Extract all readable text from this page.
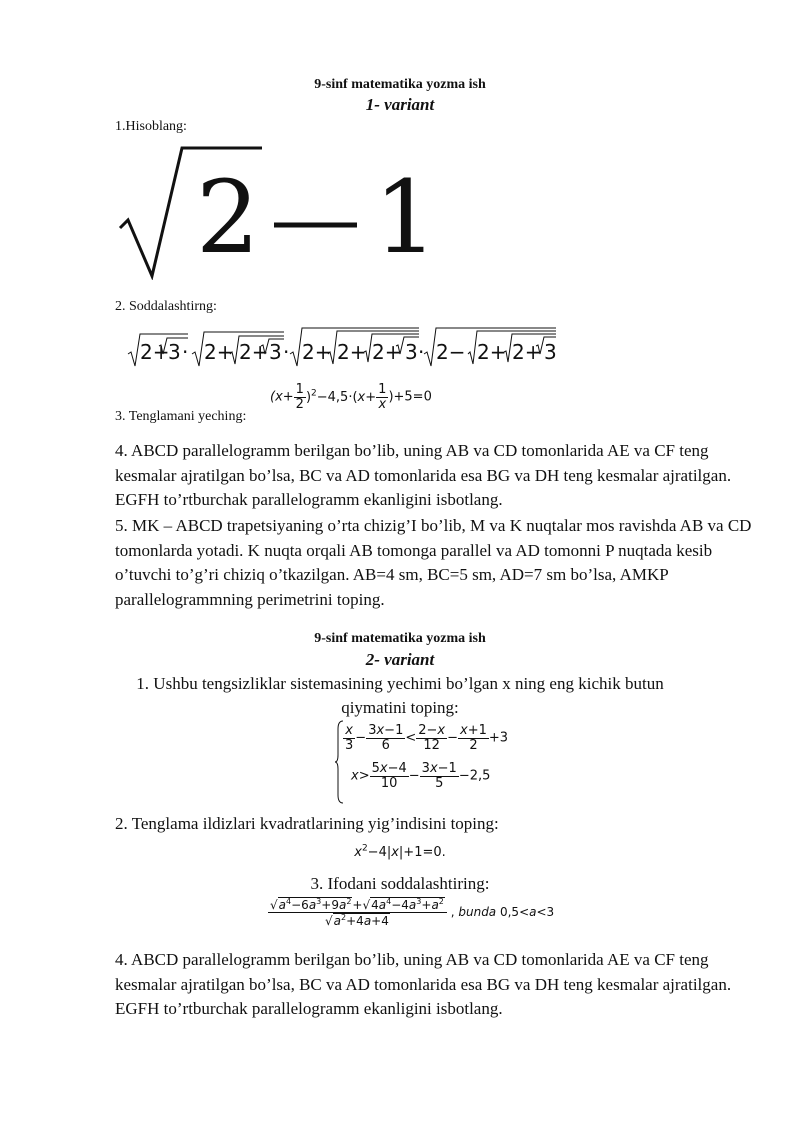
9-sinf matematika yozma ish
1- variant
1.Hisoblang:
2 1
2. Soddalashtirng:
2+
3 · 2+ 2+ 3 · 2+ 2+ 2+ 3 · 2− 2+ 2+ 3
3. Tenglamani yeching:
$(x+ \frac{1}{2} )^2-4,5\cdot(x+ \frac{1}{x} )+5=0$
4. ABCD parallelogramm berilgan bo’lib, uning AB va CD tomonlarida AE va CF teng kesmalar ajratilgan bo’lsa, BC va AD tomonlarida esa BG va DH teng kesmalar ajratilgan. EGFH to’rtburchak parallelogramm ekanligini isbotlang.
5. MK – ABCD trapetsiyaning o’rta chizig’I bo’lib, M va K nuqtalar mos ravishda AB va CD tomonlarda yotadi. K nuqta orqali AB tomonga parallel va AD tomonni P nuqtada kesib o’tuvchi to’g’ri chiziq o’tkazilgan. AB=4 sm, BC=5 sm, AD=7 sm bo’lsa, AMKP parallelogrammning perimetrini toping.
9-sinf matematika yozma ish
2- variant
1. Ushbu tengsizliklar sistemasining yechimi bo’lgan x ning eng kichik butun
qiymatini toping:
$\frac{x}{3} - \frac{3x-1}{6} < \frac{2-x}{12} - \frac{x+1}{2} +3$
$x> \frac{5x-4}{10} - \frac{3x-1}{5} -2,5$
2. Tenglama ildizlari kvadratlarining yig’indisini toping:
$x^2-4|x|+1=0$.
3. Ifodani soddalashtiring:
$\frac{√a^4-6a^3+9a^2+√4a^4-4a^3+a^2}{√a^2+4a+4}$ , bunda 0,5<a<3
4. ABCD parallelogramm berilgan bo’lib, uning AB va CD tomonlarida AE va CF teng kesmalar ajratilgan bo’lsa, BC va AD tomonlarida esa BG va DH teng kesmalar ajratilgan. EGFH to’rtburchak parallelogramm ekanligini isbotlang.
